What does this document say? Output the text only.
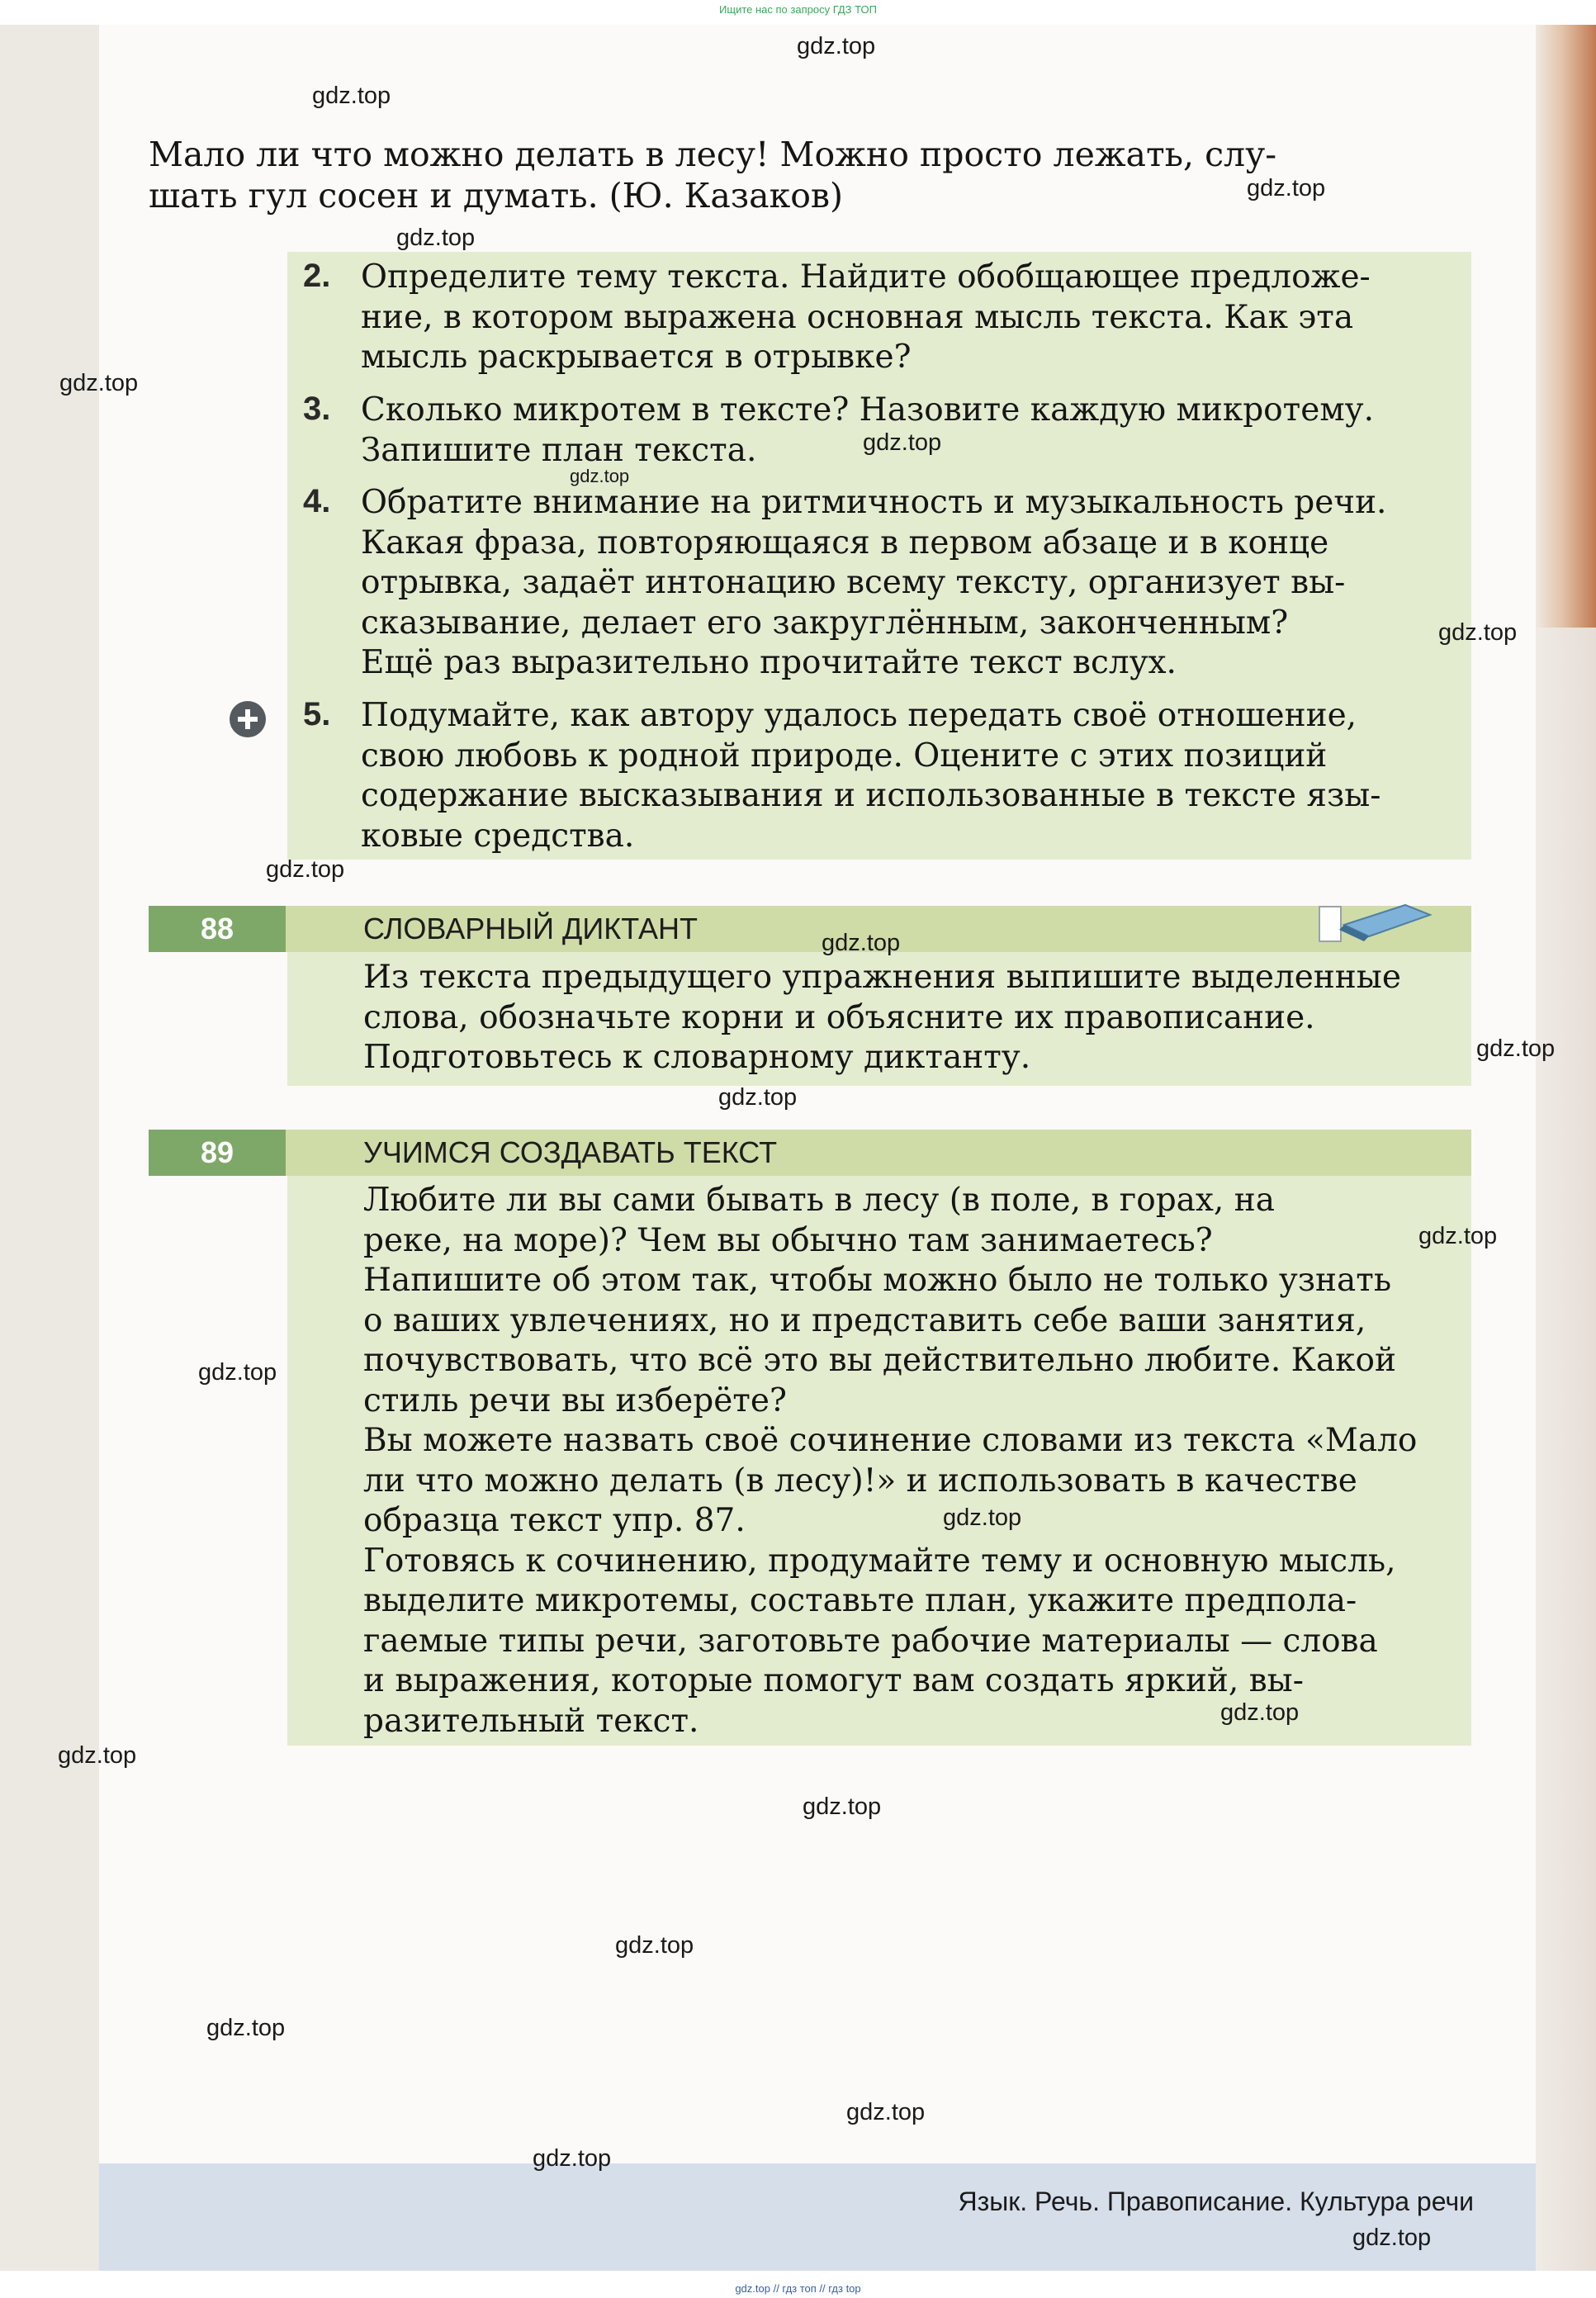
Ищите нас по запросу ГДЗ ТОП
Мало ли что можно делать в лесу! Можно просто лежать, слу-
шать гул сосен и думать. (Ю. Казаков)
2. Определите тему текста. Найдите обобщающее предложе-
ние, в котором выражена основная мысль текста. Как эта
мысль раскрывается в отрывке?
3. Сколько микротем в тексте? Назовите каждую микротему.
Запишите план текста.
4. Обратите внимание на ритмичность и музыкальность речи.
Какая фраза, повторяющаяся в первом абзаце и в конце
отрывка, задаёт интонацию всему тексту, организует вы-
сказывание, делает его закруглённым, законченным?
Ещё раз выразительно прочитайте текст вслух.
5. Подумайте, как автору удалось передать своё отношение,
свою любовь к родной природе. Оцените с этих позиций
содержание высказывания и использованные в тексте язы-
ковые средства.
88	СЛОВАРНЫЙ ДИКТАНТ
Из текста предыдущего упражнения выпишите выделенные
слова, обозначьте корни и объясните их правописание.
Подготовьтесь к словарному диктанту.
89	УЧИМСЯ СОЗДАВАТЬ ТЕКСТ
Любите ли вы сами бывать в лесу (в поле, в горах, на
реке, на море)? Чем вы обычно там занимаетесь?
Напишите об этом так, чтобы можно было не только узнать
о ваших увлечениях, но и представить себе ваши занятия,
почувствовать, что всё это вы действительно любите. Какой
стиль речи вы изберёте?
Вы можете назвать своё сочинение словами из текста «Мало
ли что можно делать (в лесу)!» и использовать в качестве
образца текст упр. 87.
Готовясь к сочинению, продумайте тему и основную мысль,
выделите микротемы, составьте план, укажите предпола-
гаемые типы речи, заготовьте рабочие материалы — слова
и выражения, которые помогут вам создать яркий, вы-
разительный текст.
Язык. Речь. Правописание. Культура речи
gdz.top
gdz.top
gdz.top
gdz.top
gdz.top
gdz.top
gdz.top
gdz.top
gdz.top
gdz.top
gdz.top
gdz.top
gdz.top
gdz.top
gdz.top
gdz.top
gdz.top
gdz.top
gdz.top
gdz.top
gdz.top
gdz.top
gdz.top
gdz.top // гдз топ // гдз top
